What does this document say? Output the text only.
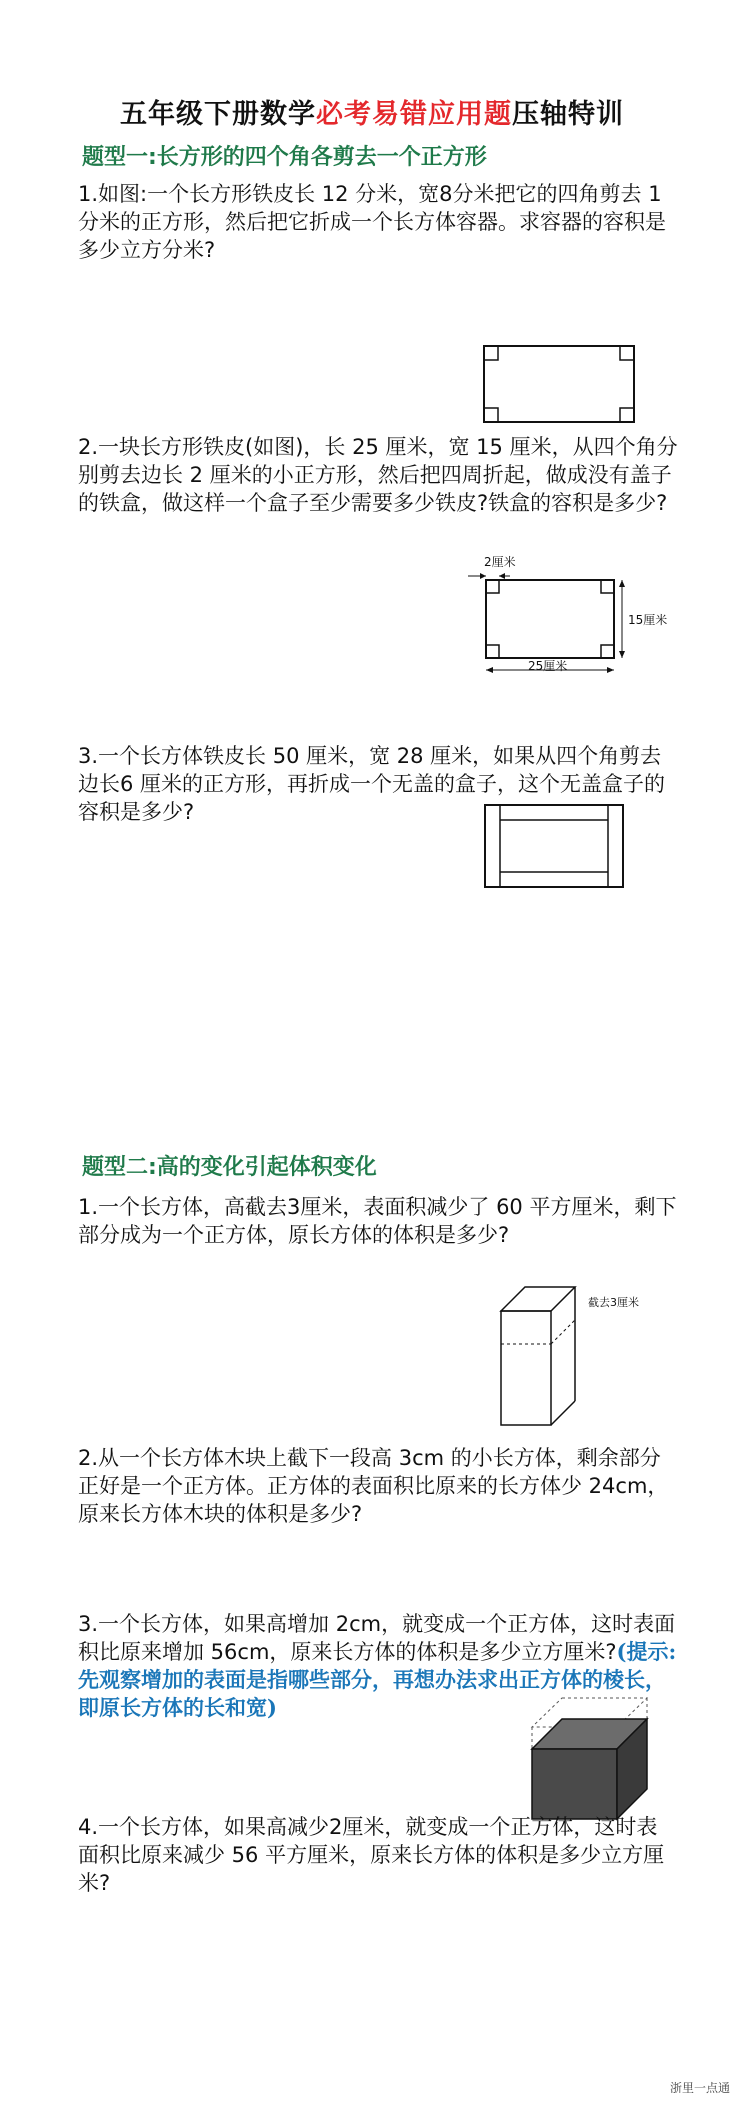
五年级下册数学必考易错应用题压轴特训
题型一:长方形的四个角各剪去一个正方形
1.如图:一个长方形铁皮长 12 分米，宽8分米把它的四角剪去 1分米的正方形，然后把它折成一个长方体容器。求容器的容积是多少立方分米?
2.一块长方形铁皮(如图)，长 25 厘米，宽 15 厘米，从四个角分别剪去边长 2 厘米的小正方形，然后把四周折起，做成没有盖子的铁盒，做这样一个盒子至少需要多少铁皮?铁盒的容积是多少?
2厘米
15厘米
25厘米
3.一个长方体铁皮长 50 厘米，宽 28 厘米，如果从四个角剪去边长6 厘米的正方形，再折成一个无盖的盒子，这个无盖盒子的容积是多少?
题型二:高的变化引起体积变化
1.一个长方体，高截去3厘米，表面积减少了 60 平方厘米，剩下部分成为一个正方体，原长方体的体积是多少?
截去3厘米
2.从一个长方体木块上截下一段高 3cm 的小长方体，剩余部分正好是一个正方体。正方体的表面积比原来的长方体少 24cm，原来长方体木块的体积是多少?
3.一个长方体，如果高增加 2cm，就变成一个正方体，这时表面积比原来增加 56cm，原来长方体的体积是多少立方厘米?(提示:先观察增加的表面是指哪些部分，再想办法求出正方体的棱长，即原长方体的长和宽)
4.一个长方体，如果高减少2厘米，就变成一个正方体，这时表面积比原来减少 56 平方厘米，原来长方体的体积是多少立方厘米?
浙里一点通
